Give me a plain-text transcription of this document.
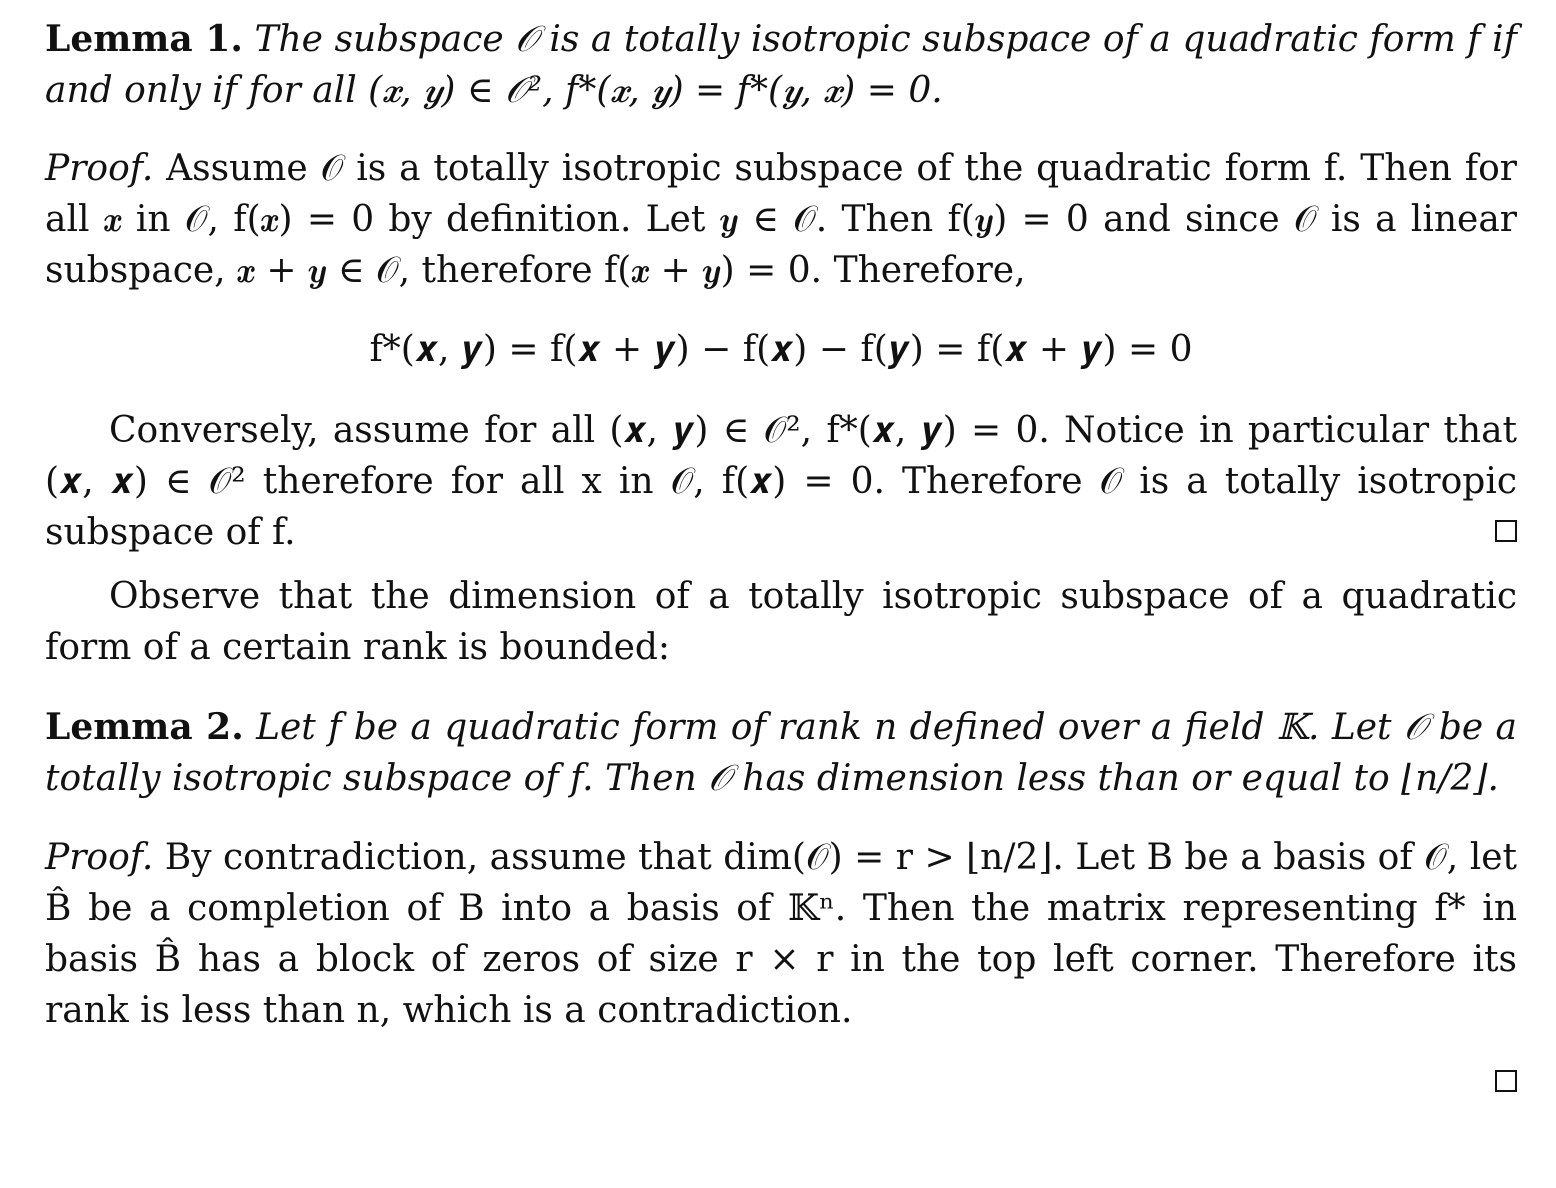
Lemma 1. The subspace 𝒪 is a totally isotropic subspace of a quadratic form f if and only if for all (𝒙, 𝒚) ∈ 𝒪², f*(𝒙, 𝒚) = f*(𝒚, 𝒙) = 0.

Proof. Assume 𝒪 is a totally isotropic subspace of the quadratic form f. Then for all 𝒙 in 𝒪, f(𝒙) = 0 by definition. Let 𝒚 ∈ 𝒪. Then f(𝒚) = 0 and since 𝒪 is a linear subspace, 𝒙 + 𝒚 ∈ 𝒪, therefore f(𝒙 + 𝒚) = 0. Therefore,

f*(𝒙, 𝒚) = f(𝒙 + 𝒚) − f(𝒙) − f(𝒚) = f(𝒙 + 𝒚) = 0

Conversely, assume for all (𝒙, 𝒚) ∈ 𝒪², f*(𝒙, 𝒚) = 0. Notice in particular that (𝒙, 𝒙) ∈ 𝒪² therefore for all x in 𝒪, f(𝒙) = 0. Therefore 𝒪 is a totally isotropic subspace of f.

Observe that the dimension of a totally isotropic subspace of a quadratic form of a certain rank is bounded:

Lemma 2. Let f be a quadratic form of rank n defined over a field 𝕂. Let 𝒪 be a totally isotropic subspace of f. Then 𝒪 has dimension less than or equal to ⌊n/2⌋.

Proof. By contradiction, assume that dim(𝒪) = r > ⌊n/2⌋. Let B be a basis of 𝒪, let B̂ be a completion of B into a basis of 𝕂ⁿ. Then the matrix representing f* in basis B̂ has a block of zeros of size r × r in the top left corner. Therefore its rank is less than n, which is a contradiction.
